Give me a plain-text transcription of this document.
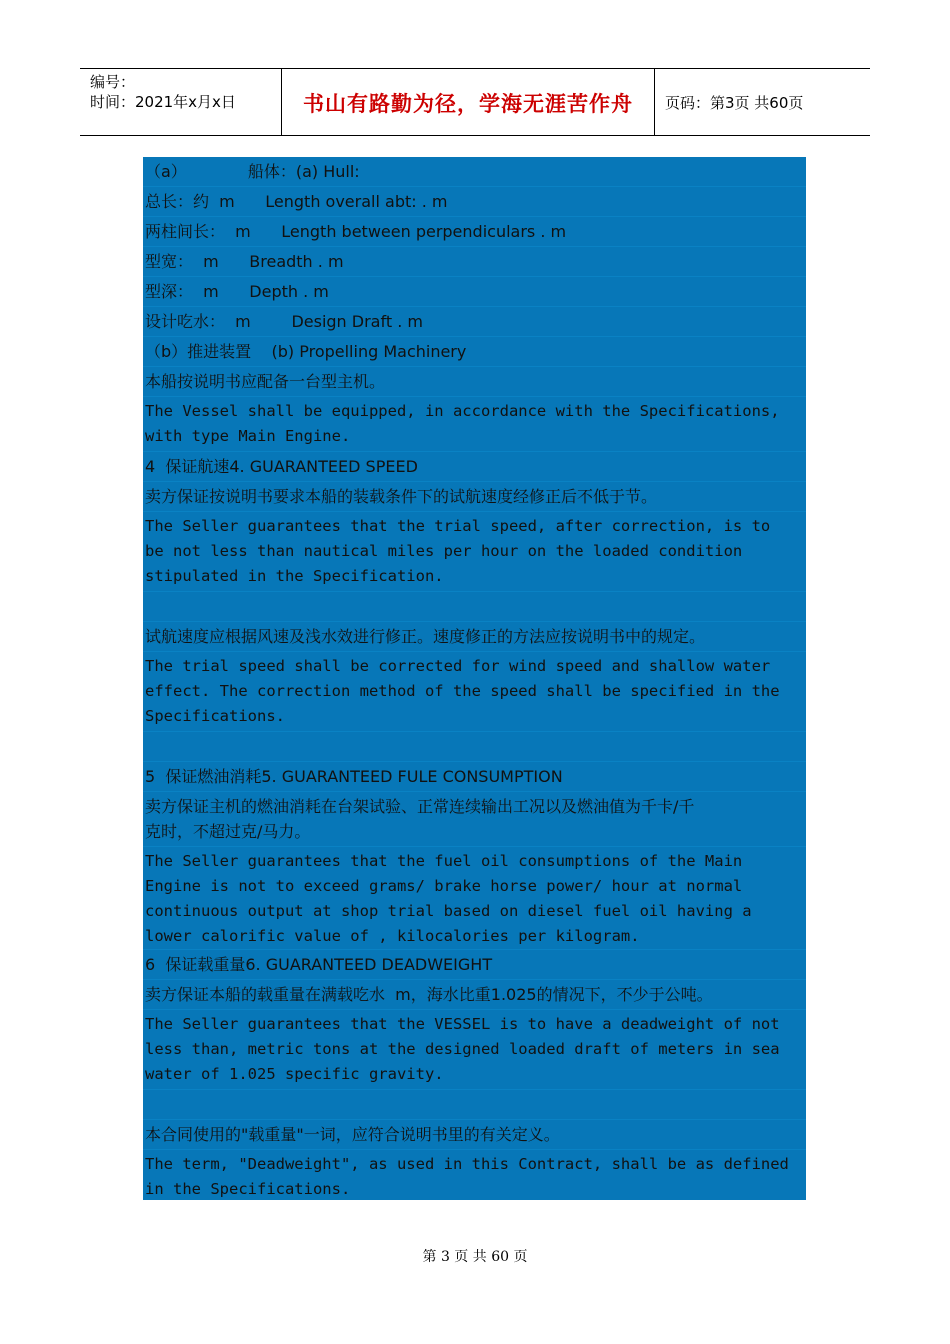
编号：
时间：2021年x月x日	书山有路勤为径，学海无涯苦作舟 页码：第3页 共60页
（a）            船体：(a) Hull:
总长：约  m      Length overall abt: . m
两柱间长：  m      Length between perpendiculars . m
型宽：  m      Breadth . m
型深：  m      Depth . m
设计吃水：  m        Design Draft . m
（b）推进装置    (b) Propelling Machinery
本船按说明书应配备一台型主机。
The Vessel shall be equipped, in accordance with the Specifications,
with type Main Engine.
4  保证航速4. GUARANTEED SPEED
卖方保证按说明书要求本船的装载条件下的试航速度经修正后不低于节。
The Seller guarantees that the trial speed, after correction, is to
be not less than nautical miles per hour on the loaded condition
stipulated in the Specification.
试航速度应根据风速及浅水效进行修正。速度修正的方法应按说明书中的规定。
The trial speed shall be corrected for wind speed and shallow water
effect. The correction method of the speed shall be specified in the
Specifications.
5  保证燃油消耗5. GUARANTEED FULE CONSUMPTION
卖方保证主机的燃油消耗在台架试验、正常连续输出工况以及燃油值为千卡/千
克时，不超过克/马力。
The Seller guarantees that the fuel oil consumptions of the Main
Engine is not to exceed grams/ brake horse power/ hour at normal
continuous output at shop trial based on diesel fuel oil having a
lower calorific value of , kilocalories per kilogram.
6  保证载重量6. GUARANTEED DEADWEIGHT
卖方保证本船的载重量在满载吃水  m，海水比重1.025的情况下，不少于公吨。
The Seller guarantees that the VESSEL is to have a deadweight of not
less than, metric tons at the designed loaded draft of meters in sea
water of 1.025 specific gravity.
本合同使用的"载重量"一词，应符合说明书里的有关定义。
The term, "Deadweight", as used in this Contract, shall be as defined
in the Specifications.
第 3 页 共 60 页
